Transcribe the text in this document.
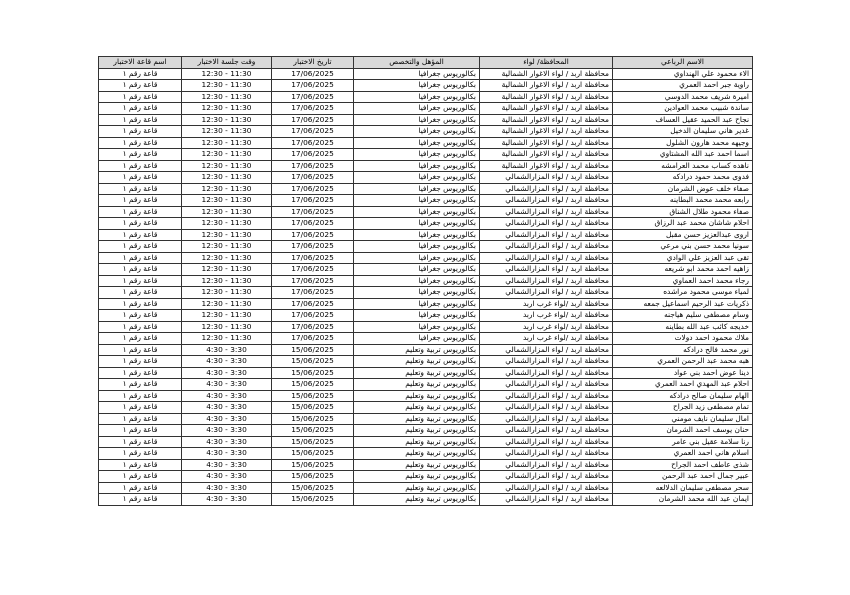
الاسم الرباعي	المحافظة/ لواء	المؤهل والتخصص	تاريخ الاختبار	وقت جلسة الاختبار	اسم قاعة الاختبار
الاء محمود علي الهنداوي	محافظة اربد / لواء الاغوار الشمالية	بكالوريوس جغرافيا	17/06/2025	11:30 - 12:30	قاعة رقم ١
راوية جبر احمد العمري	محافظة اربد / لواء الاغوار الشمالية	بكالوريوس جغرافيا	17/06/2025	11:30 - 12:30	قاعة رقم ١
اميرة شريف محمد الدوسي	محافظة اربد / لواء الاغوار الشمالية	بكالوريوس جغرافيا	17/06/2025	11:30 - 12:30	قاعة رقم ١
ساندة شبيب محمد العوادين	محافظة اربد / لواء الاغوار الشمالية	بكالوريوس جغرافيا	17/06/2025	11:30 - 12:30	قاعة رقم ١
نجاح عبد الحميد عقيل العساف	محافظة اربد / لواء الاغوار الشمالية	بكالوريوس جغرافيا	17/06/2025	11:30 - 12:30	قاعة رقم ١
غدير هاني سليمان الدخيل	محافظة اربد / لواء الاغوار الشمالية	بكالوريوس جغرافيا	17/06/2025	11:30 - 12:30	قاعة رقم ١
وجيهه محمد هارون الشلول	محافظة اربد / لواء الاغوار الشمالية	بكالوريوس جغرافيا	17/06/2025	11:30 - 12:30	قاعة رقم ١
اسما احمد عبد الله المشتاوي	محافظة اربد / لواء الاغوار الشمالية	بكالوريوس جغرافيا	17/06/2025	11:30 - 12:30	قاعة رقم ١
ناهده كساب محمد العرامشه	محافظة اربد / لواء الاغوار الشمالية	بكالوريوس جغرافيا	17/06/2025	11:30 - 12:30	قاعة رقم ١
فدوى محمد حمود درادكه	محافظة اربد / لواء المزارالشمالي	بكالوريوس جغرافيا	17/06/2025	11:30 - 12:30	قاعة رقم ١
صفاء خلف عوض الشرمان	محافظة اربد / لواء المزارالشمالي	بكالوريوس جغرافيا	17/06/2025	11:30 - 12:30	قاعة رقم ١
رابعه محمد محمد البطاينه	محافظة اربد / لواء المزارالشمالي	بكالوريوس جغرافيا	17/06/2025	11:30 - 12:30	قاعة رقم ١
صفاء محمود طلال الشناق	محافظة اربد / لواء المزارالشمالي	بكالوريوس جغرافيا	17/06/2025	11:30 - 12:30	قاعة رقم ١
احلام شاشان محمد عبد الرزاق	محافظة اربد / لواء المزارالشمالي	بكالوريوس جغرافيا	17/06/2025	11:30 - 12:30	قاعة رقم ١
اروى عبدالعزيز حسن مقبل	محافظة اربد / لواء المزارالشمالي	بكالوريوس جغرافيا	17/06/2025	11:30 - 12:30	قاعة رقم ١
سونيا محمد حسن بني مرعي	محافظة اربد / لواء المزارالشمالي	بكالوريوس جغرافيا	17/06/2025	11:30 - 12:30	قاعة رقم ١
تقى عبد العزيز علي الوادي	محافظة اربد / لواء المزارالشمالي	بكالوريوس جغرافيا	17/06/2025	11:30 - 12:30	قاعة رقم ١
زاهيه احمد محمد ابو شريعه	محافظة اربد / لواء المزارالشمالي	بكالوريوس جغرافيا	17/06/2025	11:30 - 12:30	قاعة رقم ١
رجاء محمد احمد العماوي	محافظة اربد / لواء المزارالشمالي	بكالوريوس جغرافيا	17/06/2025	11:30 - 12:30	قاعة رقم ١
لمياء موسى محمود مراشده	محافظة اربد / لواء المزارالشمالي	بكالوريوس جغرافيا	17/06/2025	11:30 - 12:30	قاعة رقم ١
ذكريات عبد الرحيم اسماعيل جمعه	محافظة اربد /لواء غرب اربد	بكالوريوس جغرافيا	17/06/2025	11:30 - 12:30	قاعة رقم ١
وسام مصطفى سليم هياجنه	محافظة اربد /لواء غرب اربد	بكالوريوس جغرافيا	17/06/2025	11:30 - 12:30	قاعة رقم ١
خديجه كائب عبد الله بطاينه	محافظة اربد /لواء غرب اربد	بكالوريوس جغرافيا	17/06/2025	11:30 - 12:30	قاعة رقم ١
ملاك محمود احمد دولات	محافظة اربد /لواء غرب اربد	بكالوريوس جغرافيا	17/06/2025	11:30 - 12:30	قاعة رقم ١
نور محمد فالح درادكه	محافظة اربد / لواء المزارالشمالي	بكالوريوس تربية وتعليم	15/06/2025	3:30 - 4:30	قاعة رقم ١
هبه محمد عبد الرحمن العمري	محافظة اربد / لواء المزارالشمالي	بكالوريوس تربية وتعليم	15/06/2025	3:30 - 4:30	قاعة رقم ١
دينا عوض احمد بني عواد	محافظة اربد / لواء المزارالشمالي	بكالوريوس تربية وتعليم	15/06/2025	3:30 - 4:30	قاعة رقم ١
احلام عبد المهدي احمد العمري	محافظة اربد / لواء المزارالشمالي	بكالوريوس تربية وتعليم	15/06/2025	3:30 - 4:30	قاعة رقم ١
الهام سليمان صالح درادكه	محافظة اربد / لواء المزارالشمالي	بكالوريوس تربية وتعليم	15/06/2025	3:30 - 4:30	قاعة رقم ١
تمام مصطفى زيد الجراح	محافظة اربد / لواء المزارالشمالي	بكالوريوس تربية وتعليم	15/06/2025	3:30 - 4:30	قاعة رقم ١
امال سليمان نايف مومني	محافظة اربد / لواء المزارالشمالي	بكالوريوس تربية وتعليم	15/06/2025	3:30 - 4:30	قاعة رقم ١
حنان يوسف احمد الشرمان	محافظة اربد / لواء المزارالشمالي	بكالوريوس تربية وتعليم	15/06/2025	3:30 - 4:30	قاعة رقم ١
رنا سلامة عقيل بني عامر	محافظة اربد / لواء المزارالشمالي	بكالوريوس تربية وتعليم	15/06/2025	3:30 - 4:30	قاعة رقم ١
اسلام هاني احمد العمري	محافظة اربد / لواء المزارالشمالي	بكالوريوس تربية وتعليم	15/06/2025	3:30 - 4:30	قاعة رقم ١
شذى عاطف احمد الجراح	محافظة اربد / لواء المزارالشمالي	بكالوريوس تربية وتعليم	15/06/2025	3:30 - 4:30	قاعة رقم ١
عبير جمال احمد عبد الرحمن	محافظة اربد / لواء المزارالشمالي	بكالوريوس تربية وتعليم	15/06/2025	3:30 - 4:30	قاعة رقم ١
سحر مصطفى سليمان الدلالعه	محافظة اربد / لواء المزارالشمالي	بكالوريوس تربية وتعليم	15/06/2025	3:30 - 4:30	قاعة رقم ١
ايمان عبد الله محمد الشرمان	محافظة اربد / لواء المزارالشمالي	بكالوريوس تربية وتعليم	15/06/2025	3:30 - 4:30	قاعة رقم ١
